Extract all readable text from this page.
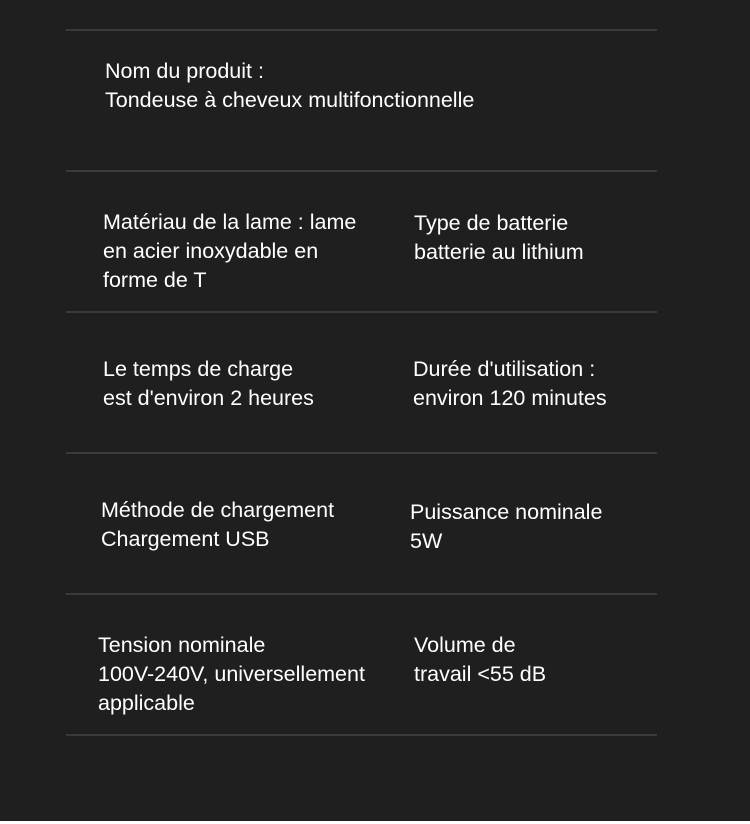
Nom du produit :
Tondeuse à cheveux multifonctionnelle
Matériau de la lame : lame
en acier inoxydable en
forme de T
Type de batterie
batterie au lithium
Le temps de charge
est d'environ 2 heures
Durée d'utilisation :
environ 120 minutes
Méthode de chargement
Chargement USB
Puissance nominale
5W
Tension nominale
100V-240V, universellement
applicable
Volume de
travail <55 dB
